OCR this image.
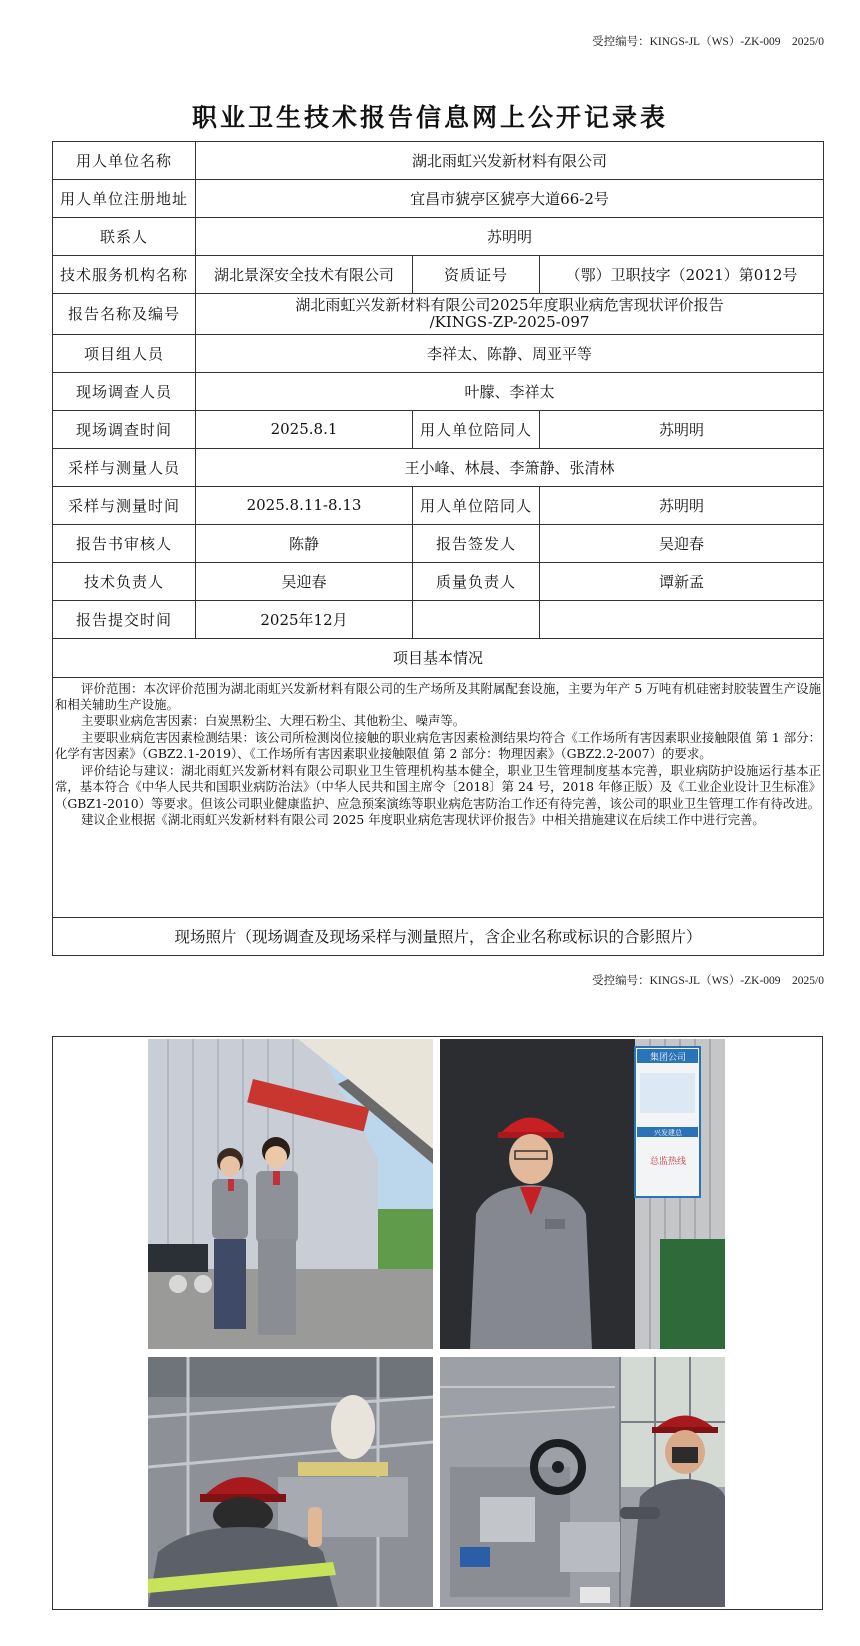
受控编号：KINGS-JL（WS）-ZK-009　2025/0
职业卫生技术报告信息网上公开记录表
用人单位名称	湖北雨虹兴发新材料有限公司		
用人单位注册地址	宜昌市猇亭区猇亭大道66-2号		
联系人	苏明明		
技术服务机构名称	湖北景深安全技术有限公司	资质证号	（鄂）卫职技字（2021）第012号
报告名称及编号	湖北雨虹兴发新材料有限公司2025年度职业病危害现状评价报告
/KINGS-ZP-2025-097		

项目组人员	李祥太、陈静、周亚平等		
现场调查人员	叶朦、李祥太		
现场调查时间	2025.8.1	用人单位陪同人	苏明明
采样与测量人员	王小峰、林晨、李箫静、张清林		
采样与测量时间	2025.8.11-8.13	用人单位陪同人	苏明明
报告书审核人	陈静	报告签发人	吴迎春
技术负责人	吴迎春	质量负责人	谭新孟
报告提交时间	2025年12月		
项目基本情况			

评价范围：本次评价范围为湖北雨虹兴发新材料有限公司的生产场所及其附属配套设施，主要为年产 5 万吨有机硅密封胶装置生产设施和相关辅助生产设施。

主要职业病危害因素：白炭黑粉尘、大理石粉尘、其他粉尘、噪声等。

主要职业病危害因素检测结果：该公司所检测岗位接触的职业病危害因素检测结果均符合《工作场所有害因素职业接触限值 第 1 部分：化学有害因素》（GBZ2.1-2019）、《工作场所有害因素职业接触限值 第 2 部分：物理因素》（GBZ2.2-2007）的要求。

评价结论与建议：湖北雨虹兴发新材料有限公司职业卫生管理机构基本健全，职业卫生管理制度基本完善，职业病防护设施运行基本正常，基本符合《中华人民共和国职业病防治法》（中华人民共和国主席令〔2018〕第 24 号，2018 年修正版）及《工业企业设计卫生标准》（GBZ1-2010）等要求。但该公司职业健康监护、应急预案演练等职业病危害防治工作还有待完善，该公司的职业卫生管理工作有待改进。

建议企业根据《湖北雨虹兴发新材料有限公司 2025 年度职业病危害现状评价报告》中相关措施建议在后续工作中进行完善。			

现场照片（现场调查及现场采样与测量照片，含企业名称或标识的合影照片）			
受控编号：KINGS-JL（WS）-ZK-009　2025/0
集团公司
总监热线
兴发建总
